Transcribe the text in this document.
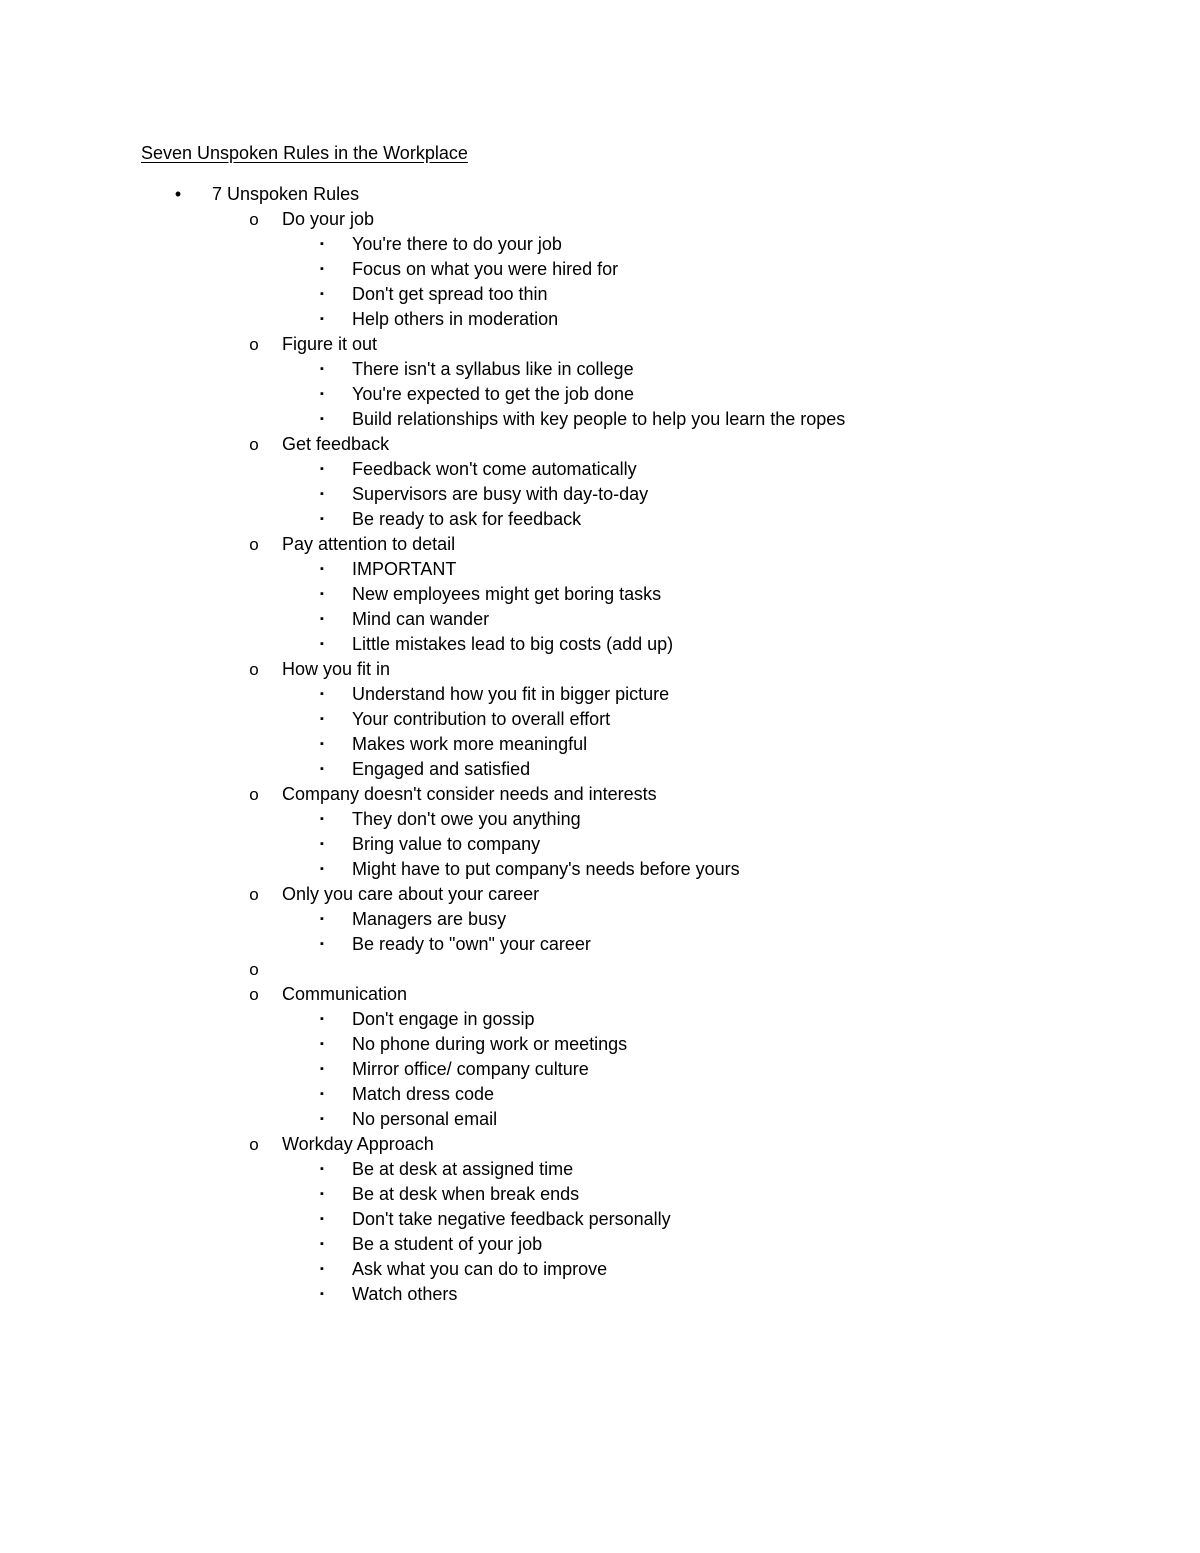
Seven Unspoken Rules in the Workplace
• 7 Unspoken Rules
o Do your job
▪ You're there to do your job
▪ Focus on what you were hired for
▪ Don't get spread too thin
▪ Help others in moderation
o Figure it out
▪ There isn't a syllabus like in college
▪ You're expected to get the job done
▪ Build relationships with key people to help you learn the ropes
o Get feedback
▪ Feedback won't come automatically
▪ Supervisors are busy with day-to-day
▪ Be ready to ask for feedback
o Pay attention to detail
▪ IMPORTANT
▪ New employees might get boring tasks
▪ Mind can wander
▪ Little mistakes lead to big costs (add up)
o How you fit in
▪ Understand how you fit in bigger picture
▪ Your contribution to overall effort
▪ Makes work more meaningful
▪ Engaged and satisfied
o Company doesn't consider needs and interests
▪ They don't owe you anything
▪ Bring value to company
▪ Might have to put company's needs before yours
o Only you care about your career
▪ Managers are busy
▪ Be ready to "own" your career
o
o Communication
▪ Don't engage in gossip
▪ No phone during work or meetings
▪ Mirror office/ company culture
▪ Match dress code
▪ No personal email
o Workday Approach
▪ Be at desk at assigned time
▪ Be at desk when break ends
▪ Don't take negative feedback personally
▪ Be a student of your job
▪ Ask what you can do to improve
▪ Watch others
